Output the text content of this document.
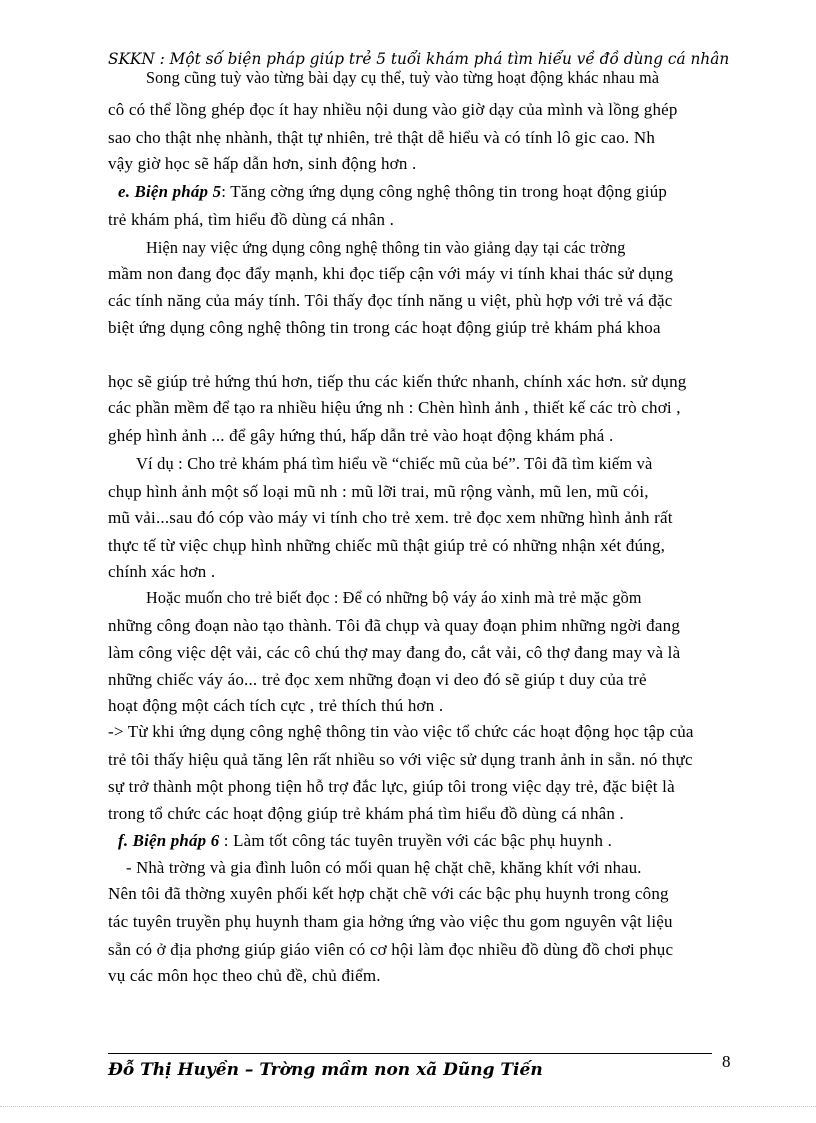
SKKN : Một số biện pháp giúp trẻ 5 tuổi khám phá tìm hiểu về đồ dùng cá nhân
Song cũng tuỳ vào từng bài dạy cụ thể, tuỳ vào từng hoạt động khác nhau mà
cô có thể lồng ghép đọc ít hay nhiều nội dung vào giờ dạy của mình và lồng ghép
sao cho thật nhẹ nhành, thật tự nhiên, trẻ thật dễ hiểu và có tính lô gic cao. Nh
vậy giờ học sẽ hấp dẫn hơn, sinh động hơn .
e. Biện pháp 5: Tăng cờng ứng dụng công nghệ thông tin trong hoạt động giúp
trẻ khám phá, tìm hiểu đồ dùng cá nhân .
Hiện nay việc ứng dụng công nghệ thông tin vào giảng dạy tại các trờng
mầm non đang đọc đẩy mạnh, khi đọc tiếp cận với máy vi tính khai thác sử dụng
các tính năng của máy tính. Tôi thấy đọc tính năng u việt, phù hợp với trẻ vá đặc
biệt ứng dụng công nghệ thông tin trong các hoạt động giúp trẻ khám phá khoa
học sẽ giúp trẻ hứng thú hơn, tiếp thu các kiến thức nhanh, chính xác hơn. sử dụng
các phần mềm để tạo ra nhiều hiệu ứng nh : Chèn hình ảnh , thiết kế các trò chơi ,
ghép hình ảnh ... để gây hứng thú, hấp dẫn trẻ vào hoạt động khám phá .
Ví dụ : Cho trẻ khám phá tìm hiểu về “chiếc mũ của bé”. Tôi đã tìm kiếm và
chụp hình ảnh một số loại mũ nh : mũ lỡi trai, mũ rộng vành, mũ len, mũ cói,
mũ vải...sau đó cóp vào máy vi tính cho trẻ xem. trẻ đọc xem những hình ảnh rất
thực tế từ việc chụp hình những chiếc mũ thật giúp trẻ có những nhận xét đúng,
chính xác hơn .
Hoặc muốn cho trẻ biết đọc : Để có những bộ váy áo xinh mà trẻ mặc gồm
những công đoạn nào tạo thành. Tôi đã chụp và quay đoạn phim những ngời đang
làm công việc dệt vải, các cô chú thợ may đang đo, cắt vải, cô thợ đang may và là
những chiếc váy áo... trẻ đọc xem những đoạn vi deo đó sẽ giúp t duy của trẻ
hoạt động một cách tích cực , trẻ thích thú hơn .
-> Từ khi ứng dụng công nghệ thông tin vào việc tổ chức các hoạt động học tập của
trẻ tôi thấy hiệu quả tăng lên rất nhiều so với việc sử dụng tranh ảnh in sẵn. nó thực
sự trở thành một phong tiện hỗ trợ đắc lực, giúp tôi trong việc dạy trẻ, đặc biệt là
trong tổ chức các hoạt động giúp trẻ khám phá tìm hiểu đồ dùng cá nhân .
f. Biện pháp 6 : Làm tốt công tác tuyên truyền với các bậc phụ huynh .
- Nhà trờng và gia đình luôn có mối quan hệ chặt chẽ, khăng khít với nhau.
Nên tôi đã thờng xuyên phối kết hợp chặt chẽ với các bậc phụ huynh trong công
tác tuyên truyền phụ huynh tham gia hởng ứng vào việc thu gom nguyên vật liệu
sẵn có ở địa phơng giúp giáo viên có cơ hội làm đọc nhiều đồ dùng đồ chơi phục
vụ các môn học theo chủ đề, chủ điểm.
Đỗ Thị Huyền – Trờng mầm non xã Dũng Tiến	8
